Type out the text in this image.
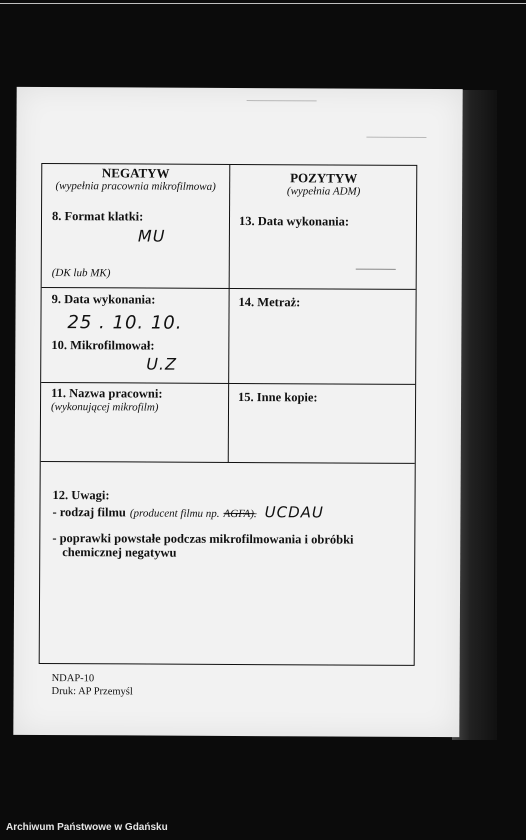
NEGATYW
(wypełnia pracownia mikrofilmowa)
POZYTYW
(wypełnia ADM)
8. Format klatki:
MU
(DK lub MK)
13. Data wykonania:
9. Data wykonania:
25 . 10. 10.
10. Mikrofilmował:
U.Z
14. Metraż:
11. Nazwa pracowni:
(wykonującej mikrofilm)
15. Inne kopie:
12. Uwagi:
- rodzaj filmu (producent filmu np. AGFA). UCDAU
- poprawki powstałe podczas mikrofilmowania i obróbki
chemicznej negatywu
NDAP-10
Druk: AP Przemyśl
Archiwum Państwowe w Gdańsku
